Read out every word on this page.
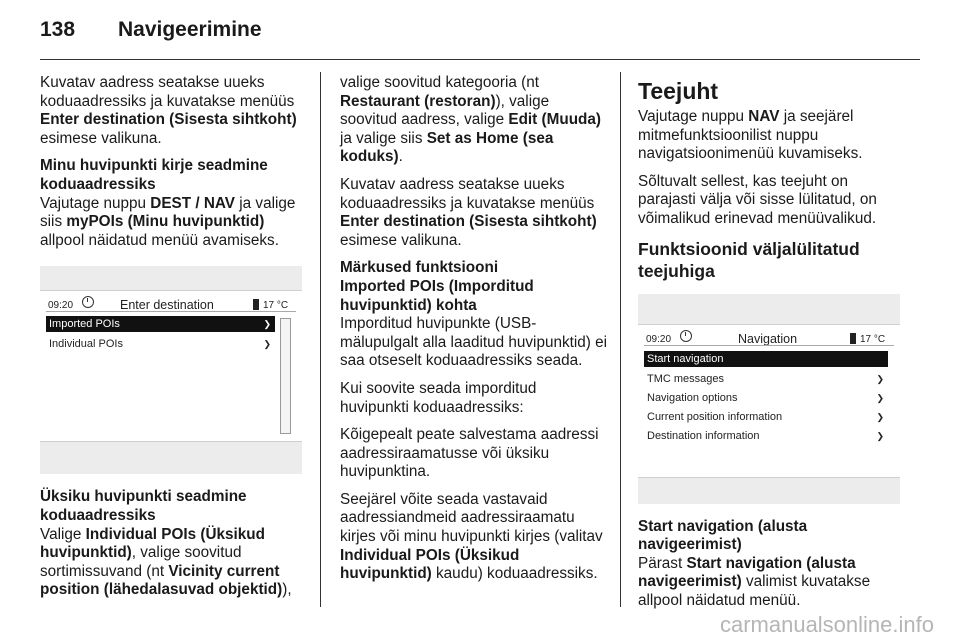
138 Navigeerimine

Kuvatav aadress seatakse uueks koduaadressiks ja kuvatakse menüüs Enter destination (Sisesta sihtkoht) esimese valikuna.

Minu huvipunkti kirje seadmine koduaadressiks

Vajutage nuppu DEST / NAV ja valige siis myPOIs (Minu huvipunktid) allpool näidatud menüü avamiseks.

09:20	Enter destination	17 °C
Imported POIs	❯
Individual POIs	❯
Üksiku huvipunkti seadmine koduaadressiks

Valige Individual POIs (Üksikud huvipunktid), valige soovitud sortimissuvand (nt Vicinity current position (lähedalasuvad objektid)),

valige soovitud kategooria (nt Restaurant (restoran)), valige soovitud aadress, valige Edit (Muuda) ja valige siis Set as Home (sea koduks).

Kuvatav aadress seatakse uueks koduaadressiks ja kuvatakse menüüs Enter destination (Sisesta sihtkoht) esimese valikuna.

Märkused funktsiooni
Imported POIs (Imporditud huvipunktid) kohta

Imporditud huvipunkte (USB-mälupulgalt alla laaditud huvipunktid) ei saa otseselt koduaadressiks seada.

Kui soovite seada imporditud huvipunkti koduaadressiks:

Kõigepealt peate salvestama aadressi aadressiraamatusse või üksiku huvipunktina.

Seejärel võite seada vastavaid aadressiandmeid aadressiraamatu kirjes või minu huvipunkti kirjes (valitav Individual POIs (Üksikud huvipunktid) kaudu) koduaadressiks.

Teejuht

Vajutage nuppu NAV ja seejärel mitmefunktsioonilist nuppu navigatsioonimenüü kuvamiseks.

Sõltuvalt sellest, kas teejuht on parajasti välja või sisse lülitatud, on võimalikud erinevad menüüvalikud.

Funktsioonid väljalülitatud teejuhiga
09:20	Navigation	17 °C
Start navigation
TMC messages	❯
Navigation options	❯
Current position information	❯
Destination information	❯
Start navigation (alusta navigeerimist)

Pärast Start navigation (alusta navigeerimist) valimist kuvatakse allpool näidatud menüü.

carmanualsonline.info
